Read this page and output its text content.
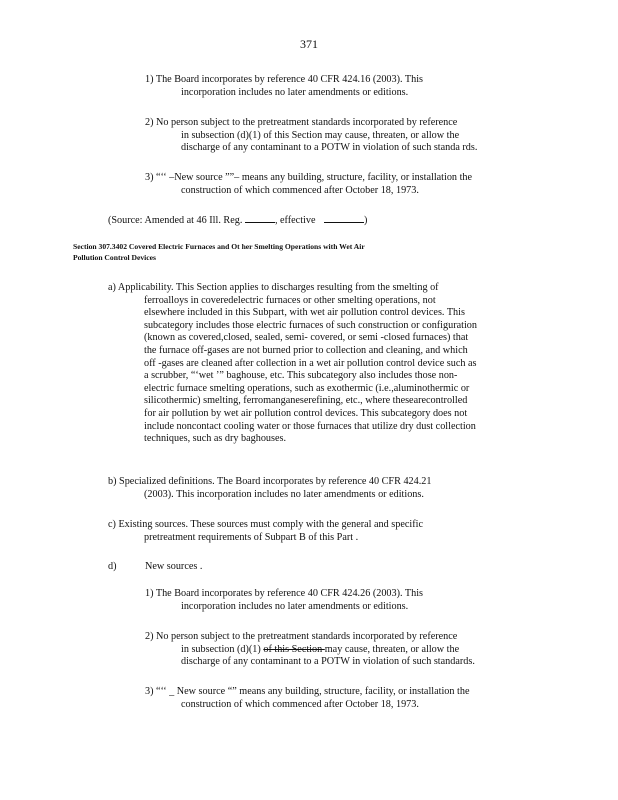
371

1) The Board incorporates by reference 40 CFR 424.16 (2003). This

incorporation includes no later amendments or editions.

2) No person subject to the pretreatment standards incorporated by reference

in subsection (d)(1) of this Section may cause, threaten, or allow the

discharge of any contaminant to a POTW in violation of such standa rds.

3) “‘‘ –New source ””– means any building, structure, facility, or installation the

construction of which commenced after October 18, 1973.

(Source: Amended at 46 Ill. Reg.	, effective	)

Section 307.3402 Covered Electric Furnaces and Ot her Smelting Operations with Wet Air

Pollution Control Devices

a) Applicability. This Section applies to discharges resulting from the smelting of

ferroalloys in coveredelectric furnaces or other smelting operations, not

elsewhere included in this Subpart, with wet air pollution control devices. This

subcategory includes those electric furnaces of such construction or configuration

(known as covered,closed, sealed, semi- covered, or semi -closed furnaces) that

the furnace off-gases are not burned prior to collection and cleaning, and which

off -gases are cleaned after collection in a wet air pollution control device such as

a scrubber, “‘wet ’” baghouse, etc. This subcategory also includes those non-

electric furnace smelting operations, such as exothermic (i.e.,aluminothermic or

silicothermic) smelting, ferromanganeserefining, etc., where thesearecontrolled

for air pollution by wet air pollution control devices. This subcategory does not

include noncontact cooling water or those furnaces that utilize dry dust collection

techniques, such as dry baghouses.

b) Specialized definitions. The Board incorporates by reference 40 CFR 424.21

(2003). This incorporation includes no later amendments or editions.

c) Existing sources. These sources must comply with the general and specific

pretreatment requirements of Subpart B of this Part .

d)	New sources .

1) The Board incorporates by reference 40 CFR 424.26 (2003). This

incorporation includes no later amendments or editions.

2) No person subject to the pretreatment standards incorporated by reference

in subsection (d)(1) of this Section may cause, threaten, or allow the

discharge of any contaminant to a POTW in violation of such standards.

3) “‘‘ _ New source “” means any building, structure, facility, or installation the

construction of which commenced after October 18, 1973.
